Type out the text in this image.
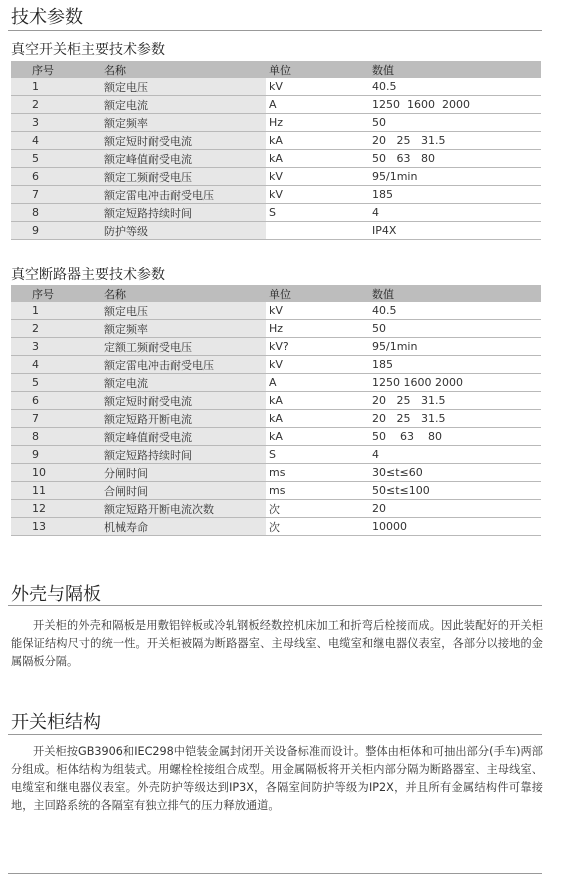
技术参数
真空开关柜主要技术参数
序号	名称	单位	数值
1	额定电压	kV	40.5
2	额定电流	A	1250  1600  2000
3	额定频率	Hz	50
4	额定短时耐受电流	kA	20   25   31.5
5	额定峰值耐受电流	kA	50   63   80
6	额定工频耐受电压	kV	95/1min
7	额定雷电冲击耐受电压	kV	185
8	额定短路持续时间	S	4
9	防护等级		IP4X
真空断路器主要技术参数
序号	名称	单位	数值
1	额定电压	kV	40.5
2	额定频率	Hz	50
3	定额工频耐受电压	kV?	95/1min
4	额定雷电冲击耐受电压	kV	185
5	额定电流	A	1250 1600 2000
6	额定短时耐受电流	kA	20   25   31.5
7	额定短路开断电流	kA	20   25   31.5
8	额定峰值耐受电流	kA	50    63    80
9	额定短路持续时间	S	4
10	分闸时间	ms	30≤t≤60
11	合闸时间	ms	50≤t≤100
12	额定短路开断电流次数	次	20
13	机械寿命	次	10000
外壳与隔板

开关柜的外壳和隔板是用敷铝锌板或冷轧钢板经数控机床加工和折弯后栓接而成。因此装配好的开关柜能保证结构尺寸的统一性。开关柜被隔为断路器室、主母线室、电缆室和继电器仪表室，各部分以接地的金属隔板分隔。

开关柜结构

开关柜按GB3906和IEC298中铠装金属封闭开关设备标准而设计。整体由柜体和可抽出部分(手车)两部分组成。柜体结构为组装式。用螺栓栓接组合成型。用金属隔板将开关柜内部分隔为断路器室、主母线室、电缆室和继电器仪表室。外壳防护等级达到IP3X，各隔室间防护等级为IP2X，并且所有金属结构件可靠接地，主回路系统的各隔室有独立排气的压力释放通道。
